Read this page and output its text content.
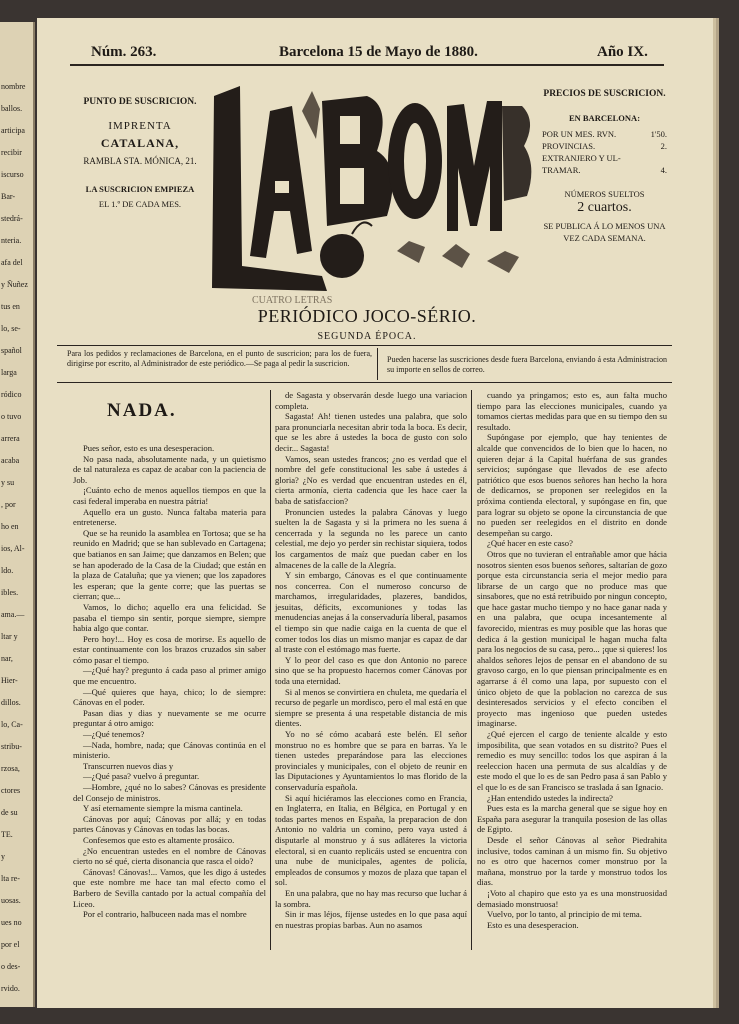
nombre
ballos.
articipa
recibir
iscurso
Bar-
stedrá-
nteria.
afa del
y Ñuñez
tus en
lo, se-
spañol
larga
ródico
o tuvo
arrera
acaba
y su
, por
ho en
ios, Al-
ldo.
ibles.
ama.—
ltar y
nar,
Hier-
dillos.
lo, Ca-
stribu-
rzosa,
ctores
de su
TE.
y
lta re-
uosas.
ues no
por el
o des-
rvido.
Núm. 263.	Barcelona 15 de Mayo de 1880.	Año IX.
PUNTO DE SUSCRICION.
IMPRENTA
CATALANA,
RAMBLA STA. MÓNICA, 21.
LA SUSCRICION EMPIEZA
EL 1.º DE CADA MES.
CUATRO LETRAS
PERIÓDICO JOCO-SÉRIO.
SEGUNDA ÉPOCA.
PRECIOS DE SUSCRICION.
EN BARCELONA:
POR UN MES. RVN.	1'50.
PROVINCIAS.	2.
EXTRANJERO Y UL-
TRAMAR.	4.
NÚMEROS SUELTOS
2 cuartos.
SE PUBLICA Á LO MENOS UNA
VEZ CADA SEMANA.
Para los pedidos y reclamaciones de Barcelona, en el punto de suscricion; para los de fuera, dirigirse por escrito, al Administrador de este periódico.—Se paga al pedir la suscricion.	Pueden hacerse las suscriciones desde fuera Barcelona, enviando á esta Administracion su importe en sellos de correo.
NADA.

Pues señor, esto es una desesperacion.

No pasa nada, absolutamente nada, y un quietismo de tal naturaleza es capaz de acabar con la paciencia de Job.

¡Cuánto echo de menos aquellos tiempos en que la casi federal imperaba en nuestra pátria!

Aquello era un gusto. Nunca faltaba materia para entretenerse.

Que se ha reunido la asamblea en Tortosa; que se ha reunido en Madrid; que se han sublevado en Cartagena; que batianos en san Jaime; que danzamos en Belen; que se han apoderado de la Casa de la Ciudad; que están en la plaza de Cataluña; que ya vienen; que los zapadores les esperan; que la gente corre; que las puertas se cierran; que...

Vamos, lo dicho; aquello era una felicidad. Se pasaba el tiempo sin sentir, porque siempre, siempre habia algo que contar.

Pero hoy!... Hoy es cosa de morirse. Es aquello de estar continuamente con los brazos cruzados sin saber cómo pasar el tiempo.

—¿Qué hay? pregunto á cada paso al primer amigo que me encuentro.

—Qué quieres que haya, chico; lo de siempre: Cánovas en el poder.

Pasan dias y dias y nuevamente se me ocurre preguntar á otro amigo:

—¿Qué tenemos?

—Nada, hombre, nada; que Cánovas continúa en el ministerio.

Transcurren nuevos dias y

—¿Qué pasa? vuelvo á preguntar.

—Hombre, ¿qué no lo sabes? Cánovas es presidente del Consejo de ministros.

Y así eternamente siempre la misma cantinela.

Cánovas por aquí; Cánovas por allá; y en todas partes Cánovas y Cánovas en todas las bocas.

Confesemos que esto es altamente prosáico.

¿No encuentran ustedes en el nombre de Cánovas cierto no sé qué, cierta disonancia que rasca el oido?

Cánovas! Cánovas!... Vamos, que les digo á ustedes que este nombre me hace tan mal efecto como el Barbero de Sevilla cantado por la actual compañía del Liceo.

Por el contrario, halbuceen nada mas el nombre

de Sagasta y observarán desde luego una variacion completa.

Sagasta! Ah! tienen ustedes una palabra, que solo para pronunciarla necesitan abrir toda la boca. Es decir, que se les abre á ustedes la boca de gusto con solo decir... Sagasta!

Vamos, sean ustedes francos; ¿no es verdad que el nombre del gefe constitucional les sabe á ustedes á gloria? ¿No es verdad que encuentran ustedes en él, cierta armonía, cierta cadencia que les hace caer la baba de satisfaccion?

Pronuncien ustedes la palabra Cánovas y luego suelten la de Sagasta y si la primera no les suena á cencerrada y la segunda no les parece un canto celestial, me dejo yo perder sin rechistar siquiera, todos los cargamentos de maíz que puedan caber en los almacenes de la calle de la Alegría.

Y sin embargo, Cánovas es el que continuamente nos concerrea. Con el numeroso concurso de marchamos, irregularidades, plazeres, bandidos, jesuitas, déficits, excomuniones y todas las menudencias anejas á la conservaduría liberal, pasamos el tiempo sin que nadie caiga en la cuenta de que el comer todos los dias un mismo manjar es capaz de dar al traste con el estómago mas fuerte.

Y lo peor del caso es que don Antonio no parece sino que se ha propuesto hacernos comer Cánovas por toda una eternidad.

Si al menos se convirtiera en chuleta, me quedaría el recurso de pegarle un mordisco, pero el mal está en que siempre se presenta á una respetable distancia de mis dientes.

Yo no sé cómo acabará este belén. El señor monstruo no es hombre que se para en barras. Ya le tienen ustedes preparándose para las elecciones provinciales y municipales, con el objeto de reunir en las Diputaciones y Ayuntamientos lo mas florido de la conservaduría española.

Si aquí hiciéramos las elecciones como en Francia, en Inglaterra, en Italia, en Bélgica, en Portugal y en todas partes menos en España, la preparacion de don Antonio no valdria un comino, pero vaya usted á disputarle al monstruo y á sus adláteres la victoria electoral, si en cuanto replicáis usted se encuentra con una nube de municipales, agentes de policía, empleados de consumos y mozos de plaza que tapan el sol.

En una palabra, que no hay mas recurso que luchar á la sombra.

Sin ir mas léjos, fíjense ustedes en lo que pasa aquí en nuestras propias barbas. Aun no asamos

cuando ya pringamos; esto es, aun falta mucho tiempo para las elecciones municipales, cuando ya tomamos ciertas medidas para que en su tiempo den su resultado.

Supóngase por ejemplo, que hay tenientes de alcalde que convencidos de lo bien que lo hacen, no quieren dejar á la Capital huérfana de sus grandes servicios; supóngase que llevados de ese afecto patriótico que esos buenos señores han hecho la hora de dedicarnos, se proponen ser reelegidos en la próxima contienda electoral, y supóngase en fin, que para lograr su objeto se opone la circunstancia de que no pueden ser reelegidos en el distrito en donde desempeñan su cargo.

¿Qué hacer en este caso?

Otros que no tuvieran el entrañable amor que hácia nosotros sienten esos buenos señores, saltarían de gozo porque esta circunstancia seria el mejor medio para librarse de un cargo que no produce mas que sinsabores, que no está retribuido por ningun concepto, que hace gastar mucho tiempo y no hace ganar nada y en una palabra, que ocupa incesantemente al favorecido, mientras es muy posible que las horas que dedica á la gestion municipal le hagan mucha falta para los negocios de su casa, pero... ¡que si quieres! los ahaldos señores lejos de pensar en el abandono de su gravoso cargo, en lo que piensan principalmente es en agarrarse á él como una lapa, por supuesto con el único objeto de que la poblacion no carezca de sus desinteresados servicios y el efecto conciben el proyecto mas ingenioso que pueden ustedes imaginarse.

¿Qué ejercen el cargo de teniente alcalde y esto imposibilita, que sean votados en su distrito? Pues el remedio es muy sencillo: todos los que aspiran á la reeleccion hacen una permuta de sus alcaldías y de este modo el que lo es de san Pedro pasa á san Pablo y el que lo es de san Francisco se traslada á san Ignacio.

¿Han entendido ustedes la indirecta?

Pues esta es la marcha general que se sigue hoy en España para asegurar la tranquila posesion de las ollas de Egipto.

Desde el señor Cánovas al señor Piedrahita inclusive, todos caminan á un mismo fin. Su objetivo no es otro que hacernos comer monstruo por la mañana, monstruo por la tarde y monstruo todos los dias.

¡Voto al chapiro que esto ya es una monstruosidad demasiado monstruosa!

Vuelvo, por lo tanto, al principio de mi tema.

Esto es una desesperacion.
